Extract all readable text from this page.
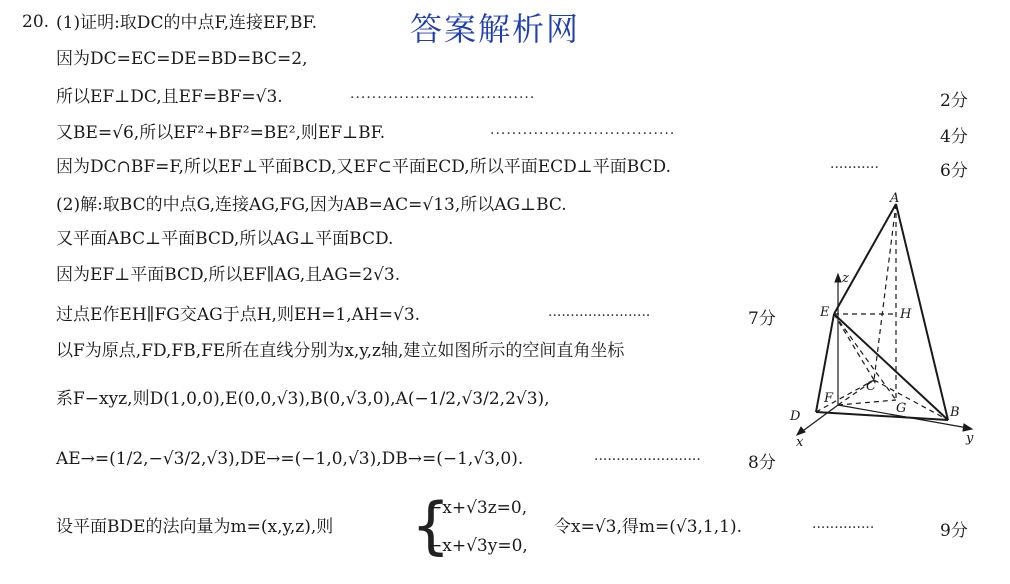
20.	答案解析网
(1)证明:取DC的中点F,连接EF,BF.
因为DC=EC=DE=BD=BC=2,
所以EF⊥DC,且EF=BF=√3.	··································	2分
又BE=√6,所以EF²+BF²=BE²,则EF⊥BF.	··································	4分
因为DC∩BF=F,所以EF⊥平面BCD,又EF⊂平面ECD,所以平面ECD⊥平面BCD.	···········	6分
(2)解:取BC的中点G,连接AG,FG,因为AB=AC=√13,所以AG⊥BC.
又平面ABC⊥平面BCD,所以AG⊥平面BCD.
因为EF⊥平面BCD,所以EF∥AG,且AG=2√3.
过点E作EH∥FG交AG于点H,则EH=1,AH=√3.	·······················	7分
以F为原点,FD,FB,FE所在直线分别为x,y,z轴,建立如图所示的空间直角坐标
系F−xyz,则D(1,0,0),E(0,0,√3),B(0,√3,0),A(−1/2,√3/2,2√3),
AE→=(1/2,−√3/2,√3),DE→=(−1,0,√3),DB→=(−1,√3,0).	························	8分
设平面BDE的法向量为m=(x,y,z),则 {
−x+√3z=0,
−x+√3y=0,
令x=√3,得m=(√3,1,1).	··············	9分
A
E	H
C
F
G
D	B
x	y
z
